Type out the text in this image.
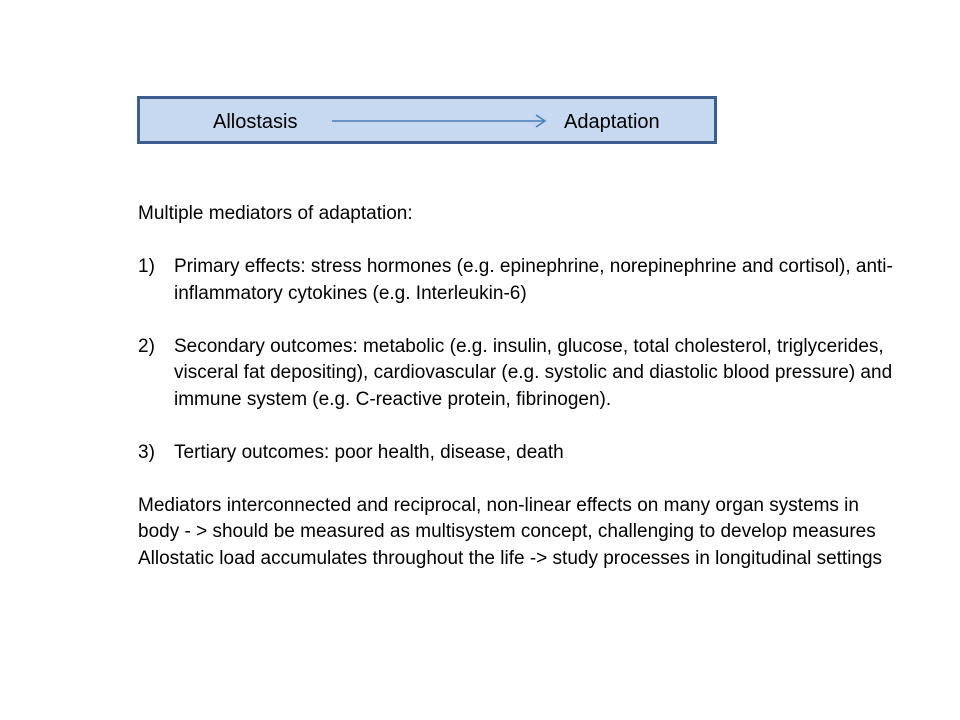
Allostasis	Adaptation

Multiple mediators of adaptation:

1) Primary effects: stress hormones (e.g. epinephrine, norepinephrine and cortisol), anti-inflammatory cytokines (e.g. Interleukin-6)
2) Secondary outcomes: metabolic (e.g. insulin, glucose, total cholesterol, triglycerides, visceral fat depositing), cardiovascular (e.g. systolic and diastolic blood pressure) and immune system (e.g. C-reactive protein, fibrinogen).
3) Tertiary outcomes: poor health, disease, death

Mediators interconnected and reciprocal, non-linear effects on many organ systems in body - > should be measured as multisystem concept, challenging to develop measures

Allostatic load accumulates throughout the life -> study processes in longitudinal settings
